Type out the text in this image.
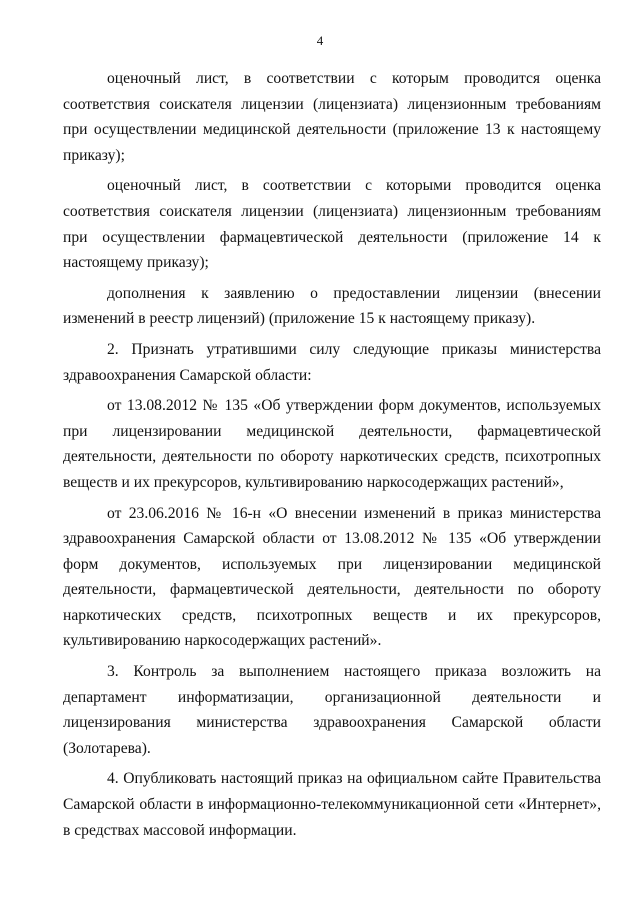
4

оценочный лист, в соответствии с которым проводится оценка соответствия соискателя лицензии (лицензиата) лицензионным требованиям при осуществлении медицинской деятельности (приложение 13 к настоящему приказу);

оценочный лист, в соответствии с которыми проводится оценка соответствия соискателя лицензии (лицензиата) лицензионным требованиям при осуществлении фармацевтической деятельности (приложение 14 к настоящему приказу);

дополнения к заявлению о предоставлении лицензии (внесении изменений в реестр лицензий) (приложение 15 к настоящему приказу).

2. Признать утратившими силу следующие приказы министерства здравоохранения Самарской области:

от 13.08.2012 № 135 «Об утверждении форм документов, используемых при лицензировании медицинской деятельности, фармацевтической деятельности, деятельности по обороту наркотических средств, психотропных веществ и их прекурсоров, культивированию наркосодержащих растений»,

от 23.06.2016 № 16-н «О внесении изменений в приказ министерства здравоохранения Самарской области от 13.08.2012 № 135 «Об утверждении форм документов, используемых при лицензировании медицинской деятельности, фармацевтической деятельности, деятельности по обороту наркотических средств, психотропных веществ и их прекурсоров, культивированию наркосодержащих растений».

3. Контроль за выполнением настоящего приказа возложить на департамент информатизации, организационной деятельности и лицензирования министерства здравоохранения Самарской области (Золотарева).

4. Опубликовать настоящий приказ на официальном сайте Правительства Самарской области в информационно-телекоммуникационной сети «Интернет», в средствах массовой информации.
